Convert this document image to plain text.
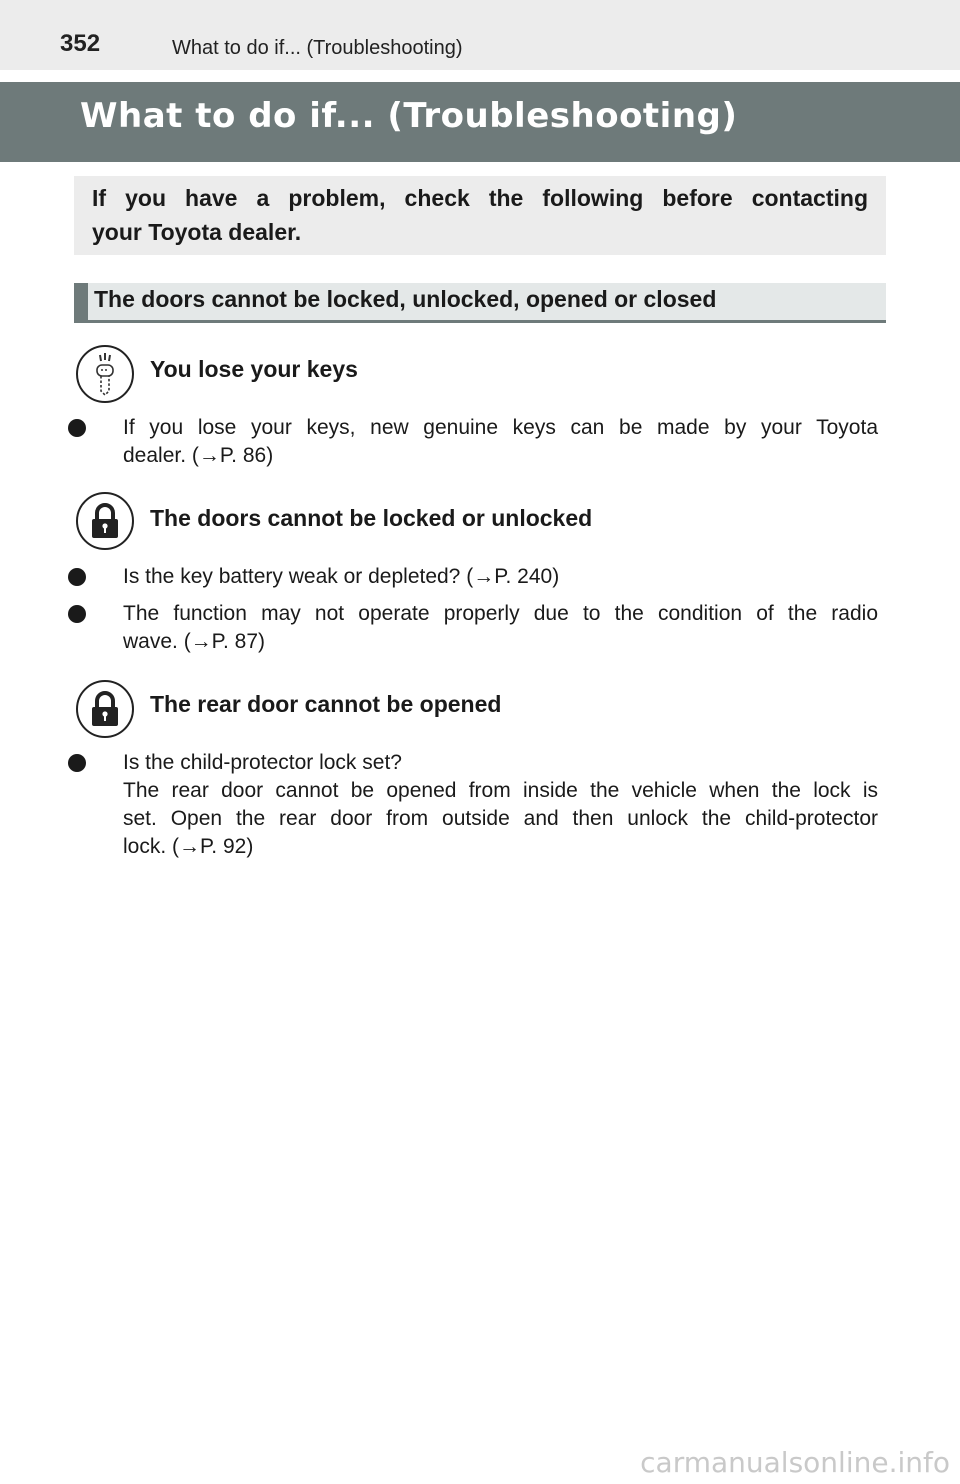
352	What to do if... (Troubleshooting)
What to do if... (Troubleshooting)
If you have a problem, check the following before contacting
your Toyota dealer.
The doors cannot be locked, unlocked, opened or closed
You lose your keys
If you lose your keys, new genuine keys can be made by your Toyota
dealer. (→P. 86)
The doors cannot be locked or unlocked
Is the key battery weak or depleted? (→P. 240)
The function may not operate properly due to the condition of the radio
wave. (→P. 87)
The rear door cannot be opened
Is the child-protector lock set?
The rear door cannot be opened from inside the vehicle when the lock is
set. Open the rear door from outside and then unlock the child-protector
lock. (→P. 92)
carmanualsonline.info
